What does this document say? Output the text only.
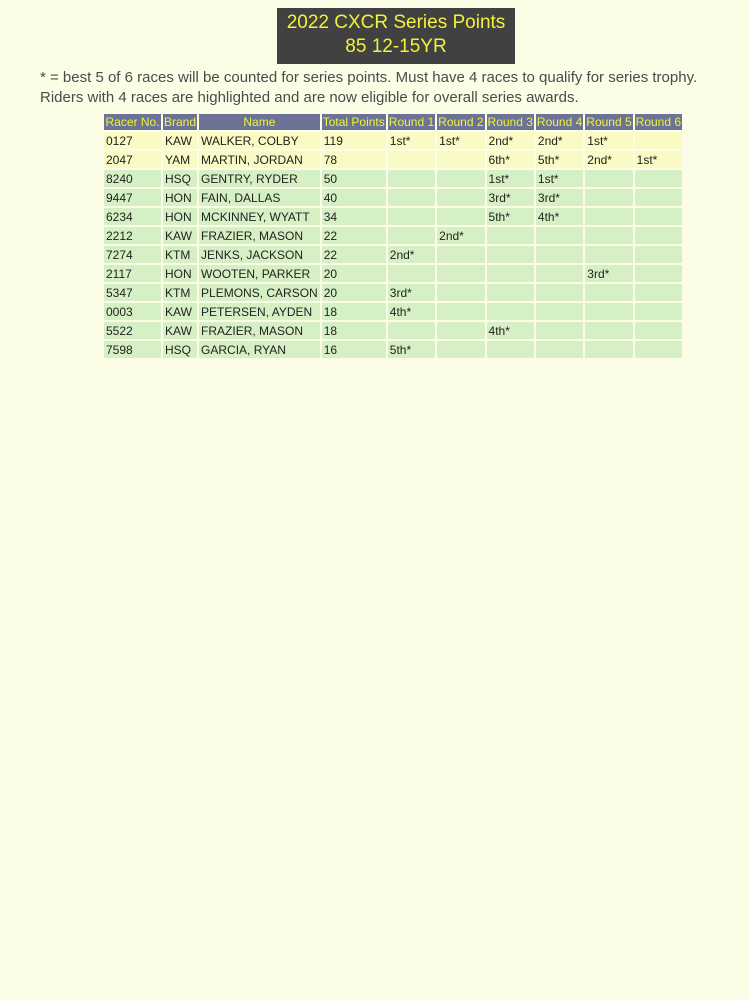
2022 CXCR Series Points
85 12-15YR
* = best 5 of 6 races will be counted for series points. Must have 4 races to qualify for series trophy.
Riders with 4 races are highlighted and are now eligible for overall series awards.
Racer No.	Brand	Name	Total Points	Round 1	Round 2	Round 3	Round 4	Round 5	Round 6
0127	KAW	WALKER, COLBY	119	1st*	1st*	2nd*	2nd*	1st*	
2047	YAM	MARTIN, JORDAN	78			6th*	5th*	2nd*	1st*
8240	HSQ	GENTRY, RYDER	50			1st*	1st*		
9447	HON	FAIN, DALLAS	40			3rd*	3rd*		
6234	HON	MCKINNEY, WYATT	34			5th*	4th*		
2212	KAW	FRAZIER, MASON	22		2nd*				
7274	KTM	JENKS, JACKSON	22	2nd*					
2117	HON	WOOTEN, PARKER	20					3rd*	
5347	KTM	PLEMONS, CARSON	20	3rd*					
0003	KAW	PETERSEN, AYDEN	18	4th*					
5522	KAW	FRAZIER, MASON	18			4th*			
7598	HSQ	GARCIA, RYAN	16	5th*					
